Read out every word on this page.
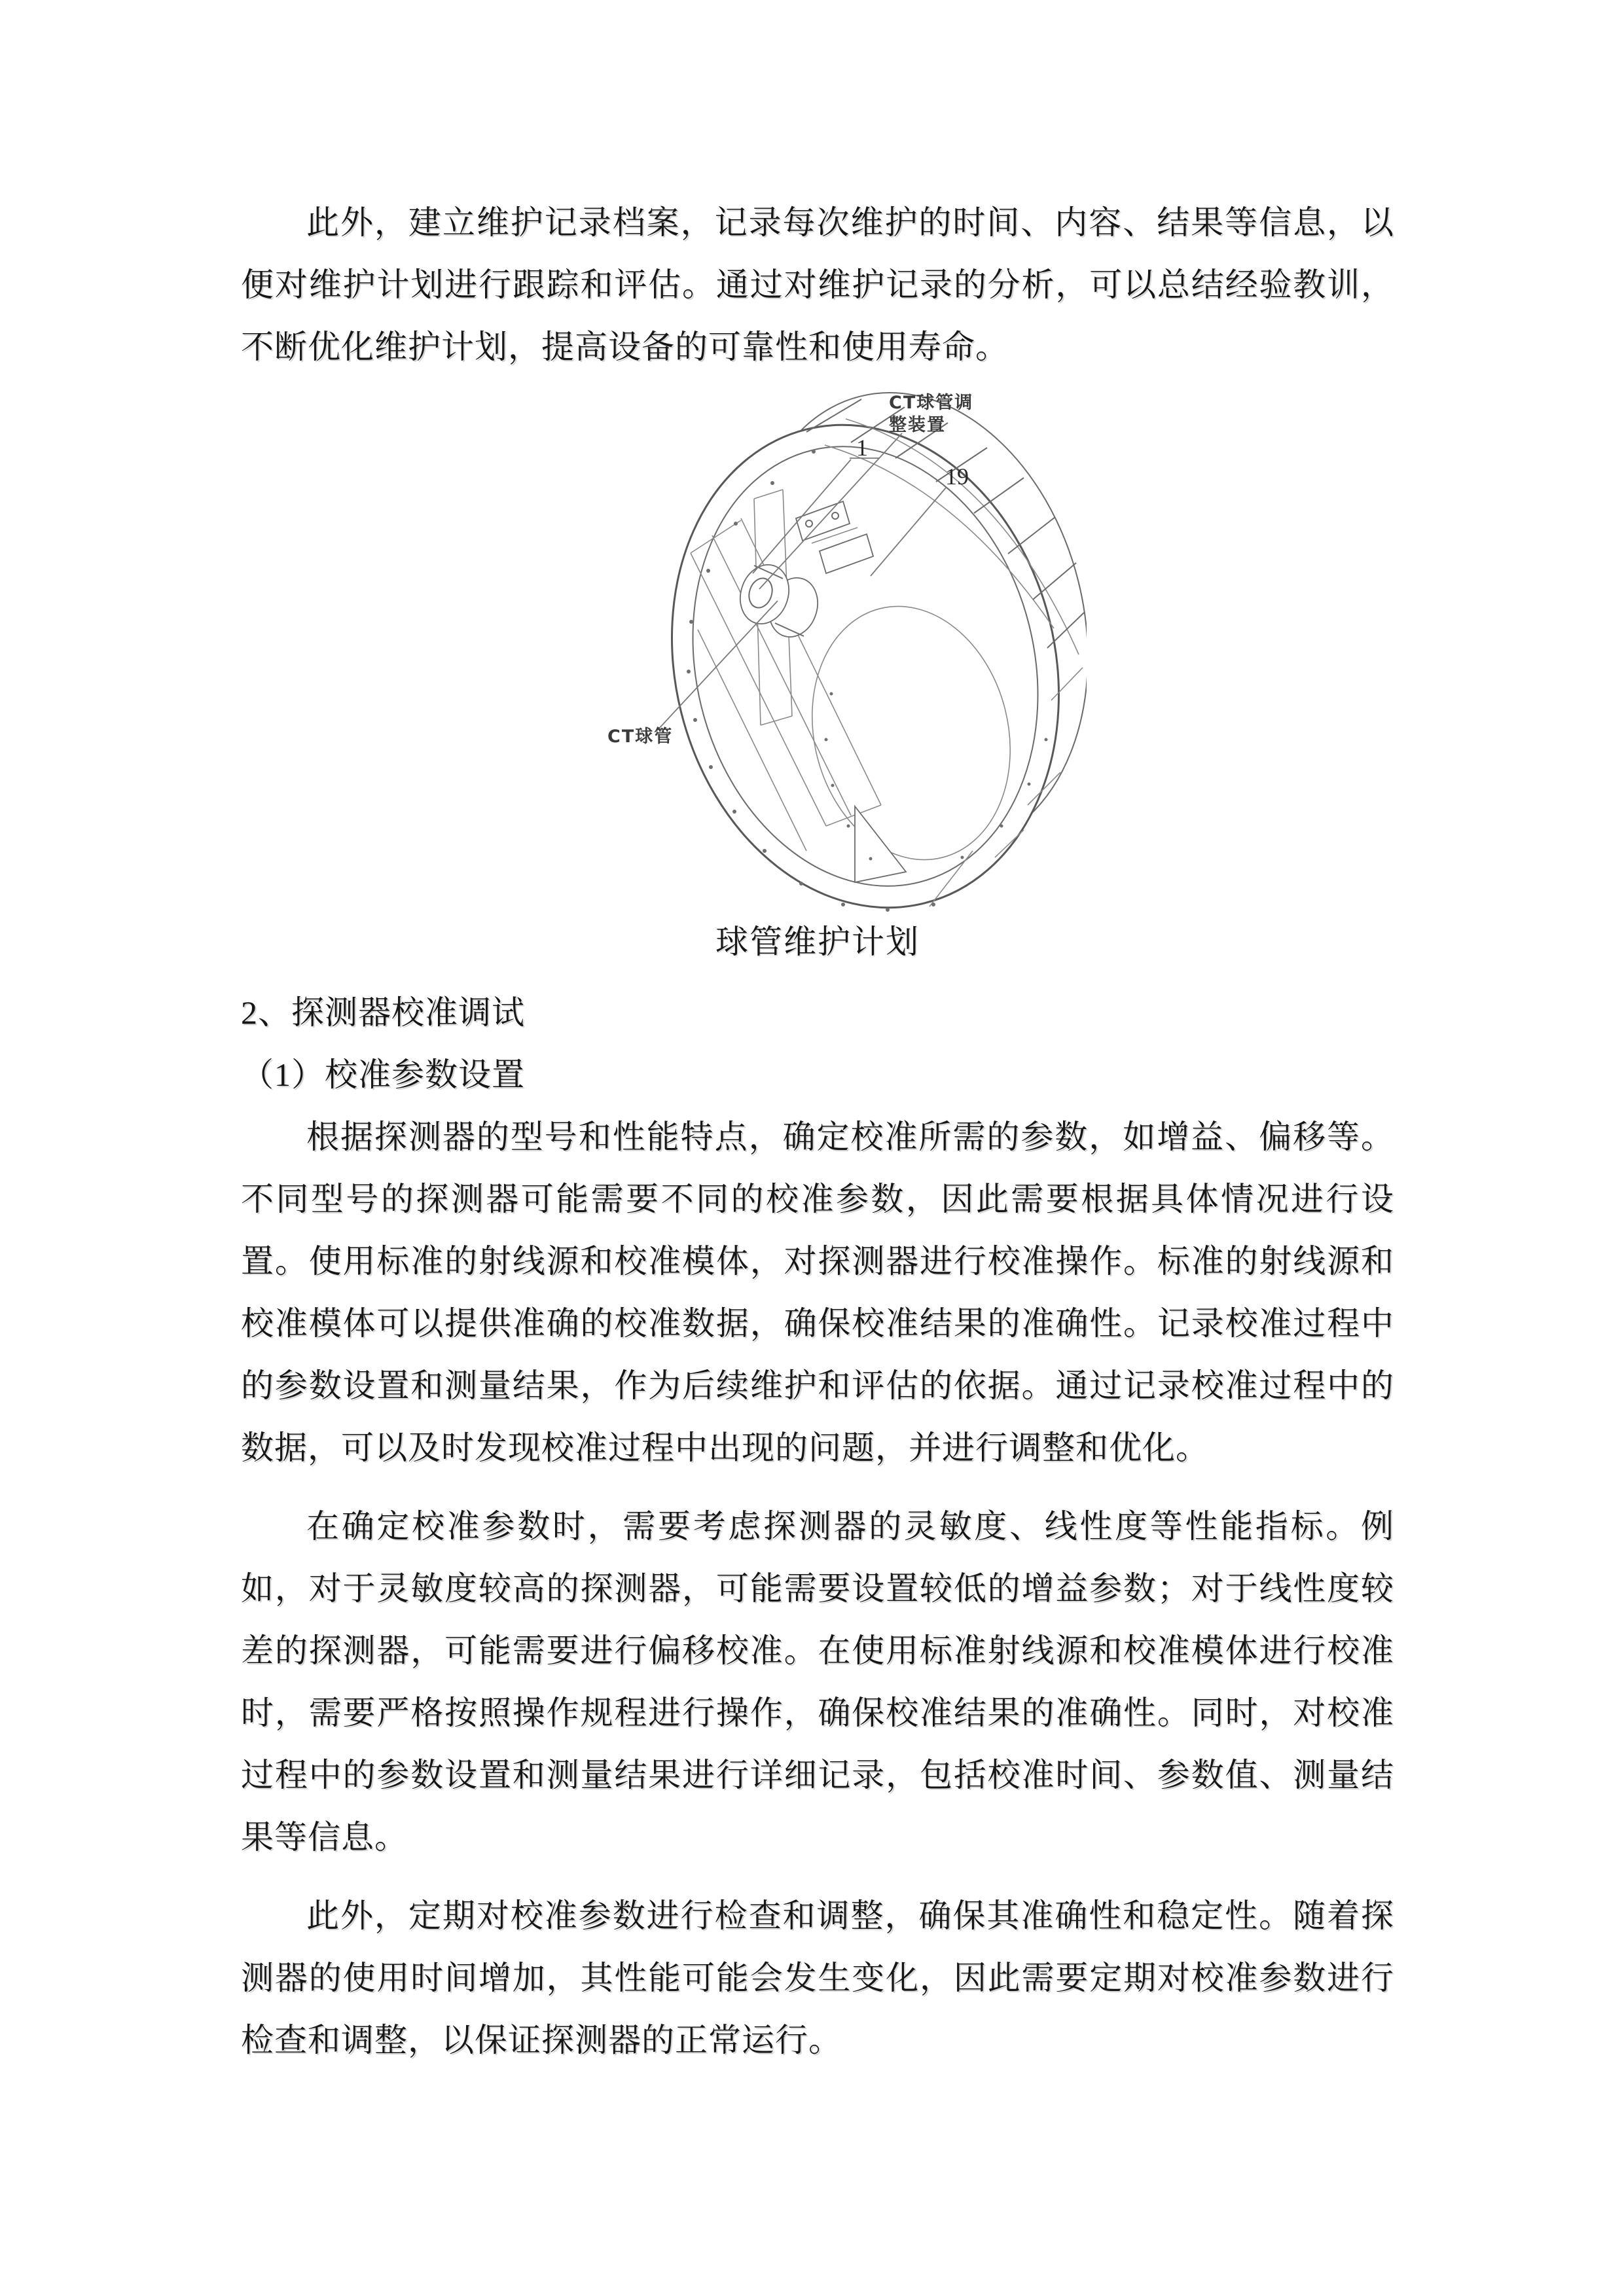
此外，建立维护记录档案，记录每次维护的时间、内容、结果等信息，以便对维护计划进行跟踪和评估。通过对维护记录的分析，可以总结经验教训，不断优化维护计划，提高设备的可靠性和使用寿命。

CT球管调
整装置
1
19
CT球管

球管维护计划

2、探测器校准调试

（1）校准参数设置

根据探测器的型号和性能特点，确定校准所需的参数，如增益、偏移等。不同型号的探测器可能需要不同的校准参数，因此需要根据具体情况进行设置。使用标准的射线源和校准模体，对探测器进行校准操作。标准的射线源和校准模体可以提供准确的校准数据，确保校准结果的准确性。记录校准过程中的参数设置和测量结果，作为后续维护和评估的依据。通过记录校准过程中的数据，可以及时发现校准过程中出现的问题，并进行调整和优化。

在确定校准参数时，需要考虑探测器的灵敏度、线性度等性能指标。例如，对于灵敏度较高的探测器，可能需要设置较低的增益参数；对于线性度较差的探测器，可能需要进行偏移校准。在使用标准射线源和校准模体进行校准时，需要严格按照操作规程进行操作，确保校准结果的准确性。同时，对校准过程中的参数设置和测量结果进行详细记录，包括校准时间、参数值、测量结果等信息。

此外，定期对校准参数进行检查和调整，确保其准确性和稳定性。随着探测器的使用时间增加，其性能可能会发生变化，因此需要定期对校准参数进行检查和调整，以保证探测器的正常运行。
